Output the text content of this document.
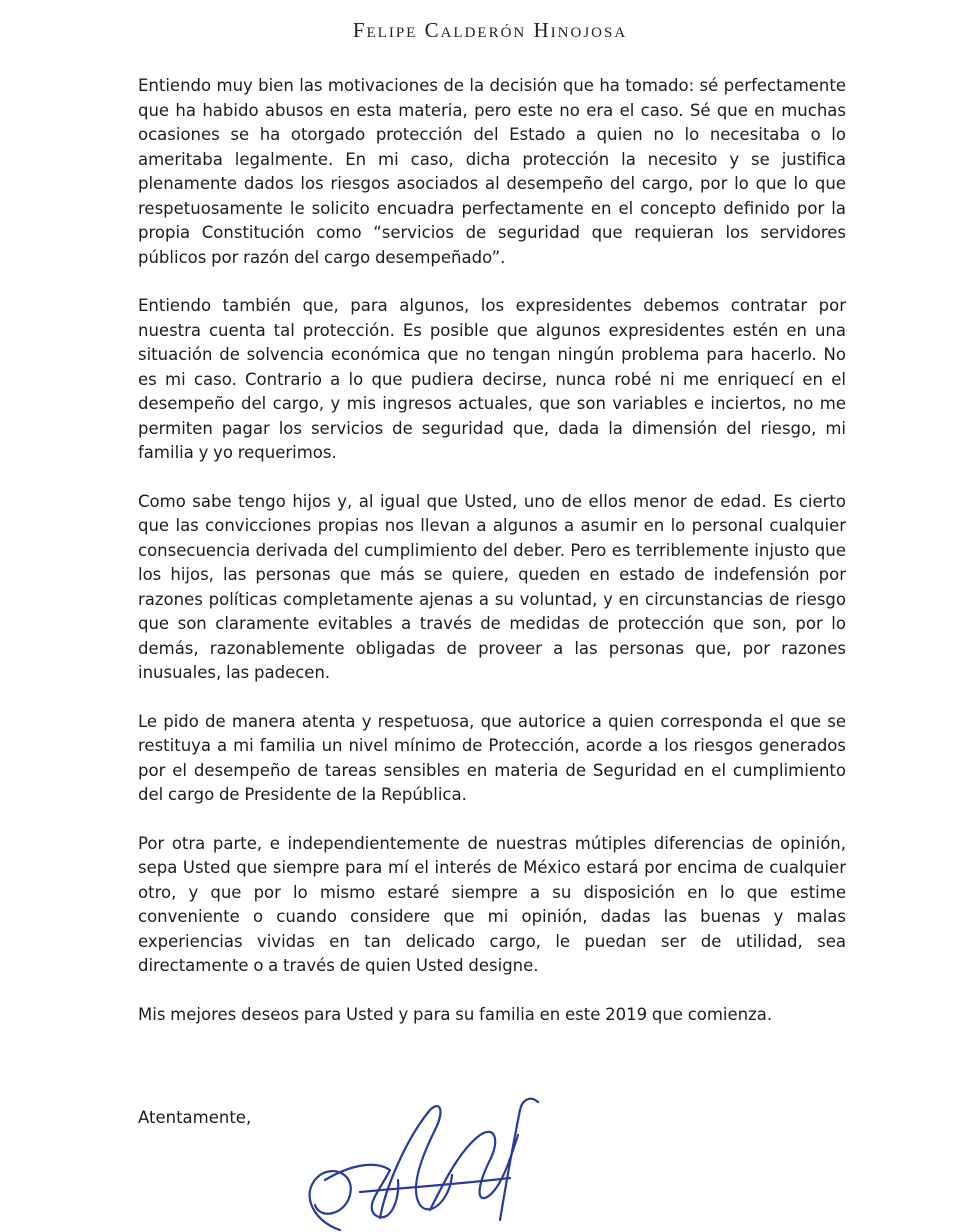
Felipe Calderón Hinojosa

Entiendo muy bien las motivaciones de la decisión que ha tomado: sé perfectamente que ha habido abusos en esta materia, pero este no era el caso. Sé que en muchas ocasiones se ha otorgado protección del Estado a quien no lo necesitaba o lo ameritaba legalmente. En mi caso, dicha protección la necesito y se justifica plenamente dados los riesgos asociados al desempeño del cargo, por lo que lo que respetuosamente le solicito encuadra perfectamente en el concepto definido por la propia Constitución como “servicios de seguridad que requieran los servidores públicos por razón del cargo desempeñado”.

Entiendo también que, para algunos, los expresidentes debemos contratar por nuestra cuenta tal protección. Es posible que algunos expresidentes estén en una situación de solvencia económica que no tengan ningún problema para hacerlo. No es mi caso. Contrario a lo que pudiera decirse, nunca robé ni me enriquecí en el desempeño del cargo, y mis ingresos actuales, que son variables e inciertos, no me permiten pagar los servicios de seguridad que, dada la dimensión del riesgo, mi familia y yo requerimos.

Como sabe tengo hijos y, al igual que Usted, uno de ellos menor de edad. Es cierto que las convicciones propias nos llevan a algunos a asumir en lo personal cualquier consecuencia derivada del cumplimiento del deber. Pero es terriblemente injusto que los hijos, las personas que más se quiere, queden en estado de indefensión por razones políticas completamente ajenas a su voluntad, y en circunstancias de riesgo que son claramente evitables a través de medidas de protección que son, por lo demás, razonablemente obligadas de proveer a las personas que, por razones inusuales, las padecen.

Le pido de manera atenta y respetuosa, que autorice a quien corresponda el que se restituya a mi familia un nivel mínimo de Protección, acorde a los riesgos generados por el desempeño de tareas sensibles en materia de Seguridad en el cumplimiento del cargo de Presidente de la República.

Por otra parte, e independientemente de nuestras mútiples diferencias de opinión, sepa Usted que siempre para mí el interés de México estará por encima de cualquier otro, y que por lo mismo estaré siempre a su disposición en lo que estime conveniente o cuando considere que mi opinión, dadas las buenas y malas experiencias vividas en tan delicado cargo, le puedan ser de utilidad, sea directamente o a través de quien Usted designe.

Mis mejores deseos para Usted y para su familia en este 2019 que comienza.

Atentamente,
